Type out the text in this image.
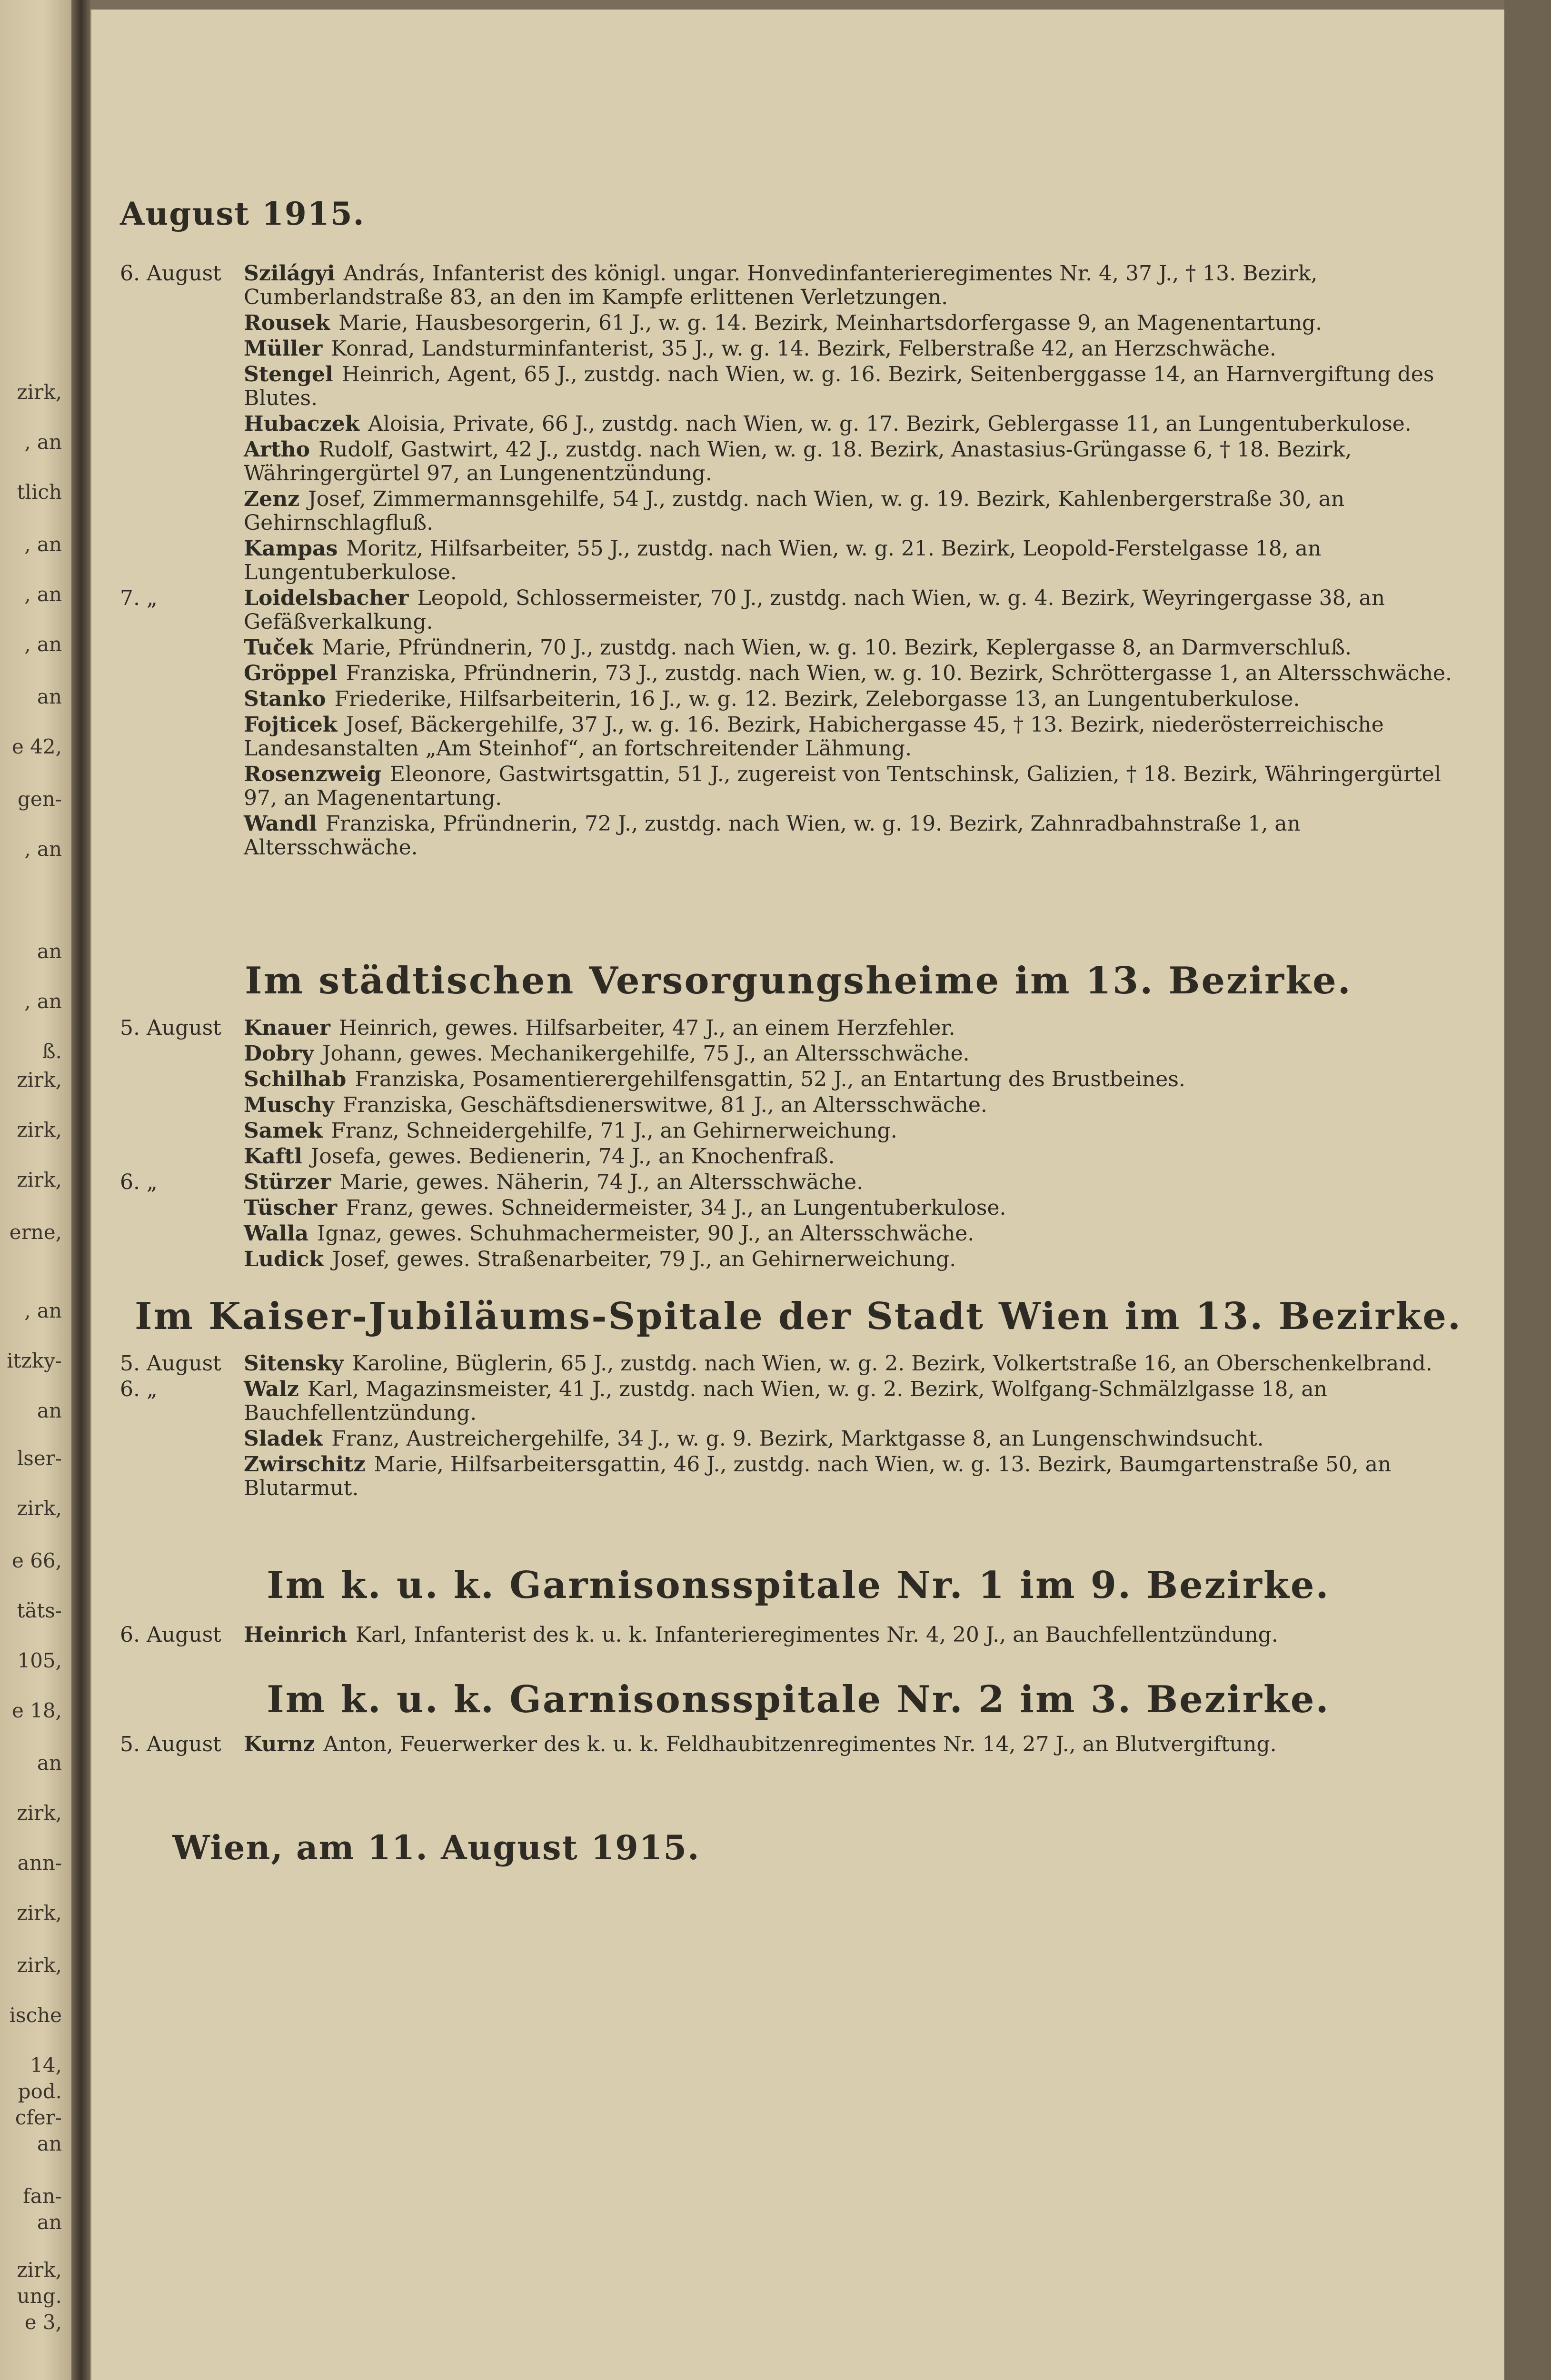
zirk,
, an
tlich
, an
, an
, an
an
e 42,
gen-
, an
an
, an
ß.
zirk,
zirk,
zirk,
erne,
, an
itzky-
an
lser-
zirk,
e 66,
täts-
105,
e 18,
an
zirk,
ann-
zirk,
zirk,
ische
14,
pod.
cfer-
an
fan-
an
zirk,
ung.
e 3,
August 1915.
6. August	Szilágyi András, Infanterist des königl. ungar. Honvedinfanterieregimentes Nr. 4, 37 J., † 13. Bezirk, Cumberlandstraße 83, an den im Kampfe erlittenen Verletzungen.
Rousek Marie, Hausbesorgerin, 61 J., w. g. 14. Bezirk, Meinhartsdorfergasse 9, an Magenentartung.
Müller Konrad, Landsturminfanterist, 35 J., w. g. 14. Bezirk, Felberstraße 42, an Herzschwäche.
Stengel Heinrich, Agent, 65 J., zustdg. nach Wien, w. g. 16. Bezirk, Seitenberggasse 14, an Harnvergiftung des Blutes.
Hubaczek Aloisia, Private, 66 J., zustdg. nach Wien, w. g. 17. Bezirk, Geblergasse 11, an Lungentuberkulose.
Artho Rudolf, Gastwirt, 42 J., zustdg. nach Wien, w. g. 18. Bezirk, Anastasius-Grüngasse 6, † 18. Bezirk, Währingergürtel 97, an Lungenentzündung.
Zenz Josef, Zimmermannsgehilfe, 54 J., zustdg. nach Wien, w. g. 19. Bezirk, Kahlenbergerstraße 30, an Gehirnschlagfluß.
Kampas Moritz, Hilfsarbeiter, 55 J., zustdg. nach Wien, w. g. 21. Bezirk, Leopold-Ferstelgasse 18, an Lungentuberkulose.
7. „	Loidelsbacher Leopold, Schlossermeister, 70 J., zustdg. nach Wien, w. g. 4. Bezirk, Weyringergasse 38, an Gefäßverkalkung.
Tuček Marie, Pfründnerin, 70 J., zustdg. nach Wien, w. g. 10. Bezirk, Keplergasse 8, an Darmverschluß.
Gröppel Franziska, Pfründnerin, 73 J., zustdg. nach Wien, w. g. 10. Bezirk, Schröttergasse 1, an Altersschwäche.
Stanko Friederike, Hilfsarbeiterin, 16 J., w. g. 12. Bezirk, Zeleborgasse 13, an Lungentuberkulose.
Fojticek Josef, Bäckergehilfe, 37 J., w. g. 16. Bezirk, Habichergasse 45, † 13. Bezirk, niederösterreichische Landesanstalten „Am Steinhof“, an fortschreitender Lähmung.
Rosenzweig Eleonore, Gastwirtsgattin, 51 J., zugereist von Tentschinsk, Galizien, † 18. Bezirk, Währingergürtel 97, an Magenentartung.
Wandl Franziska, Pfründnerin, 72 J., zustdg. nach Wien, w. g. 19. Bezirk, Zahnradbahnstraße 1, an Altersschwäche.
Im städtischen Versorgungsheime im 13. Bezirke.
5. August	Knauer Heinrich, gewes. Hilfsarbeiter, 47 J., an einem Herzfehler.
Dobry Johann, gewes. Mechanikergehilfe, 75 J., an Altersschwäche.
Schilhab Franziska, Posamentierergehilfensgattin, 52 J., an Entartung des Brustbeines.
Muschy Franziska, Geschäftsdienerswitwe, 81 J., an Altersschwäche.
Samek Franz, Schneidergehilfe, 71 J., an Gehirnerweichung.
Kaftl Josefa, gewes. Bedienerin, 74 J., an Knochenfraß.
6. „	Stürzer Marie, gewes. Näherin, 74 J., an Altersschwäche.
Tüscher Franz, gewes. Schneidermeister, 34 J., an Lungentuberkulose.
Walla Ignaz, gewes. Schuhmachermeister, 90 J., an Altersschwäche.
Ludick Josef, gewes. Straßenarbeiter, 79 J., an Gehirnerweichung.
Im Kaiser-Jubiläums-Spitale der Stadt Wien im 13. Bezirke.
5. August	Sitensky Karoline, Büglerin, 65 J., zustdg. nach Wien, w. g. 2. Bezirk, Volkertstraße 16, an Oberschenkelbrand.
6. „	Walz Karl, Magazinsmeister, 41 J., zustdg. nach Wien, w. g. 2. Bezirk, Wolfgang-Schmälzlgasse 18, an Bauchfellentzündung.
Sladek Franz, Austreichergehilfe, 34 J., w. g. 9. Bezirk, Marktgasse 8, an Lungenschwindsucht.
Zwirschitz Marie, Hilfsarbeitersgattin, 46 J., zustdg. nach Wien, w. g. 13. Bezirk, Baumgartenstraße 50, an Blutarmut.
Im k. u. k. Garnisonsspitale Nr. 1 im 9. Bezirke.
6. August	Heinrich Karl, Infanterist des k. u. k. Infanterieregimentes Nr. 4, 20 J., an Bauchfellentzündung.
Im k. u. k. Garnisonsspitale Nr. 2 im 3. Bezirke.
5. August	Kurnz Anton, Feuerwerker des k. u. k. Feldhaubitzenregimentes Nr. 14, 27 J., an Blutvergiftung.
Wien, am 11. August 1915.
